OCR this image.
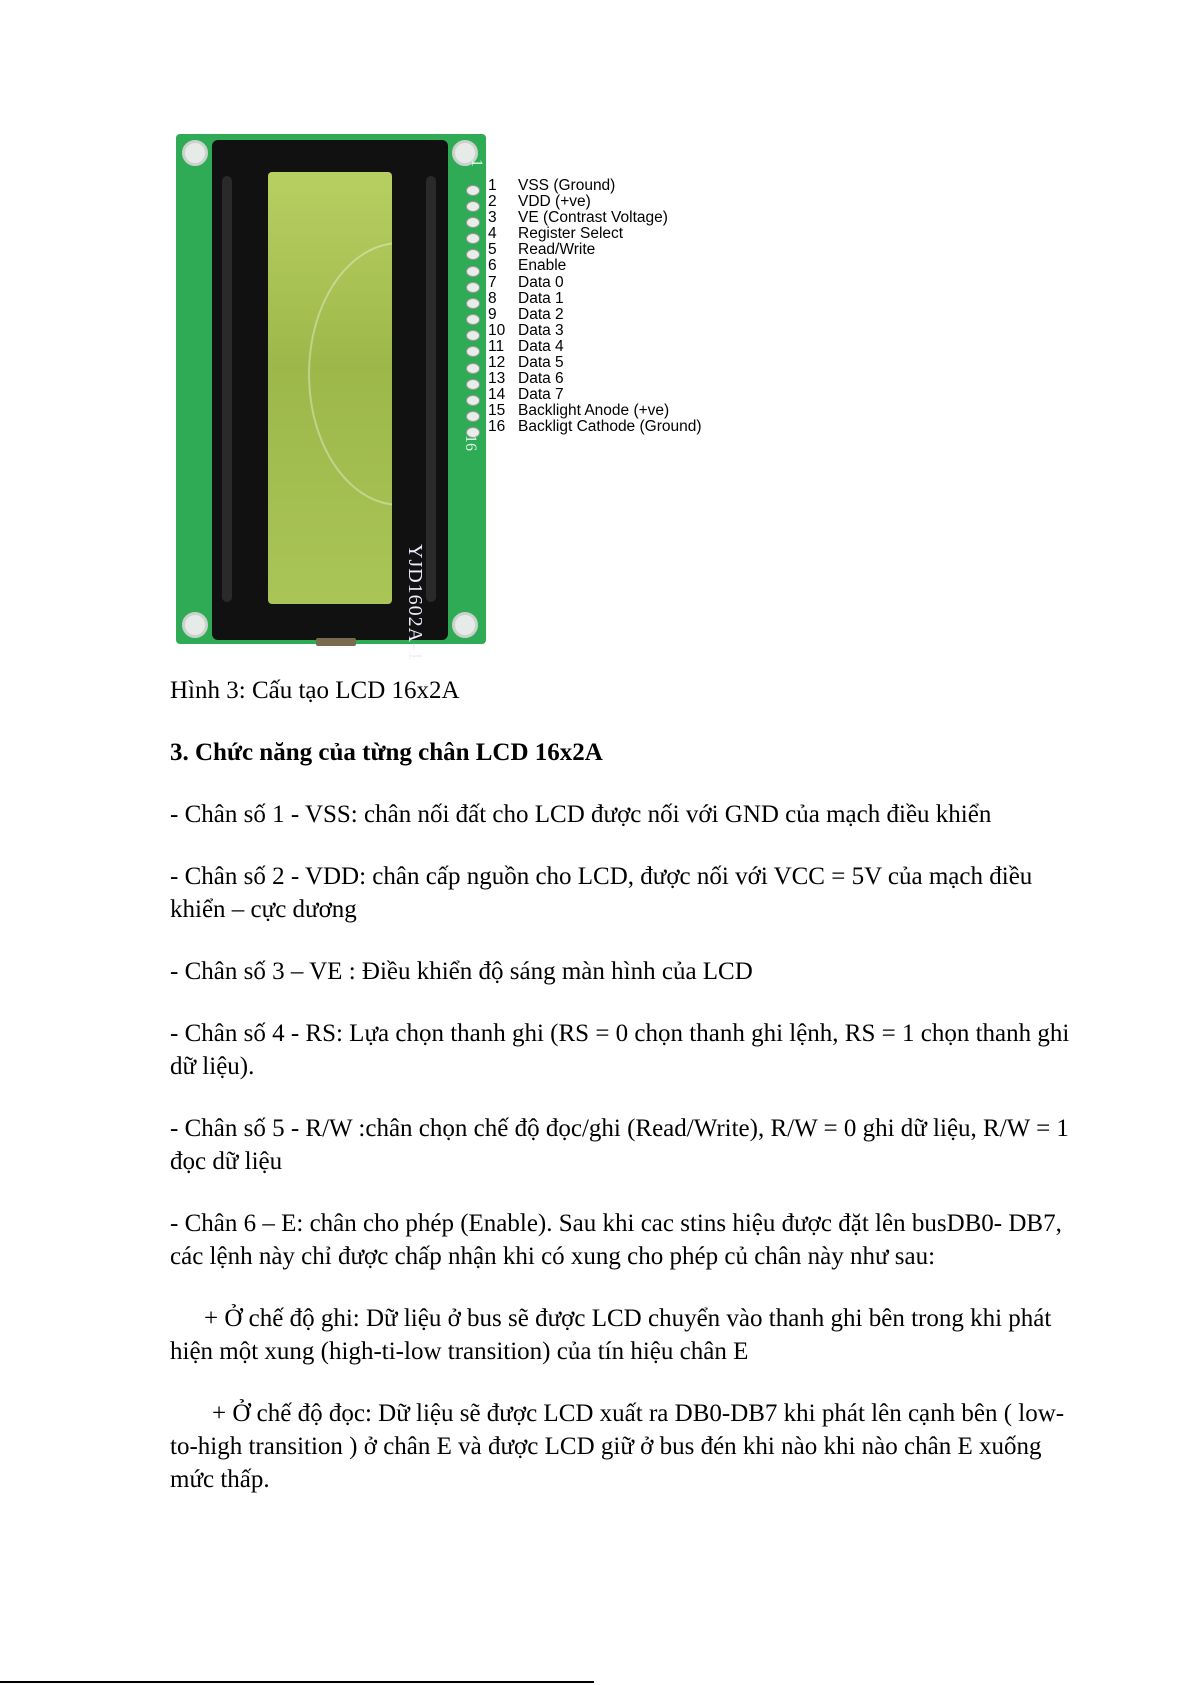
1
16
YJD1602A-1
1	VSS (Ground)
2	VDD (+ve)
3	VE (Contrast Voltage)
4	Register Select
5	Read/Write
6	Enable
7	Data 0
8	Data 1
9	Data 2
10 Data 3
11 Data 4
12 Data 5
13 Data 6
14 Data 7
15 Backlight Anode (+ve)
16 Backligt Cathode (Ground)

Hình 3: Cấu tạo LCD 16x2A

3. Chức năng của từng chân LCD 16x2A

- Chân số 1 - VSS: chân nối đất cho LCD được nối với GND của mạch điều khiển

- Chân số 2 - VDD: chân cấp nguồn cho LCD, được nối với VCC = 5V của mạch điều khiển – cực dương

- Chân số 3 – VE : Điều khiển độ sáng màn hình của LCD

- Chân số 4 - RS: Lựa chọn thanh ghi (RS = 0 chọn thanh ghi lệnh, RS = 1 chọn thanh ghi dữ liệu).

- Chân số 5 - R/W :chân chọn chế độ đọc/ghi (Read/Write), R/W = 0 ghi dữ liệu, R/W = 1 đọc dữ liệu

- Chân 6 – E: chân cho phép (Enable). Sau khi cac stins hiệu được đặt lên busDB0- DB7, các lệnh này chỉ được chấp nhận khi có xung cho phép củ chân này như sau:

+ Ở chế độ ghi: Dữ liệu ở bus sẽ được LCD chuyển vào thanh ghi bên trong khi phát hiện một xung (high-ti-low transition) của tín hiệu chân E

+ Ở chế độ đọc: Dữ liệu sẽ được LCD xuất ra DB0-DB7 khi phát lên cạnh bên ( low-to-high transition ) ở chân E và được LCD giữ ở bus đén khi nào khi nào chân E xuống mức thấp.
